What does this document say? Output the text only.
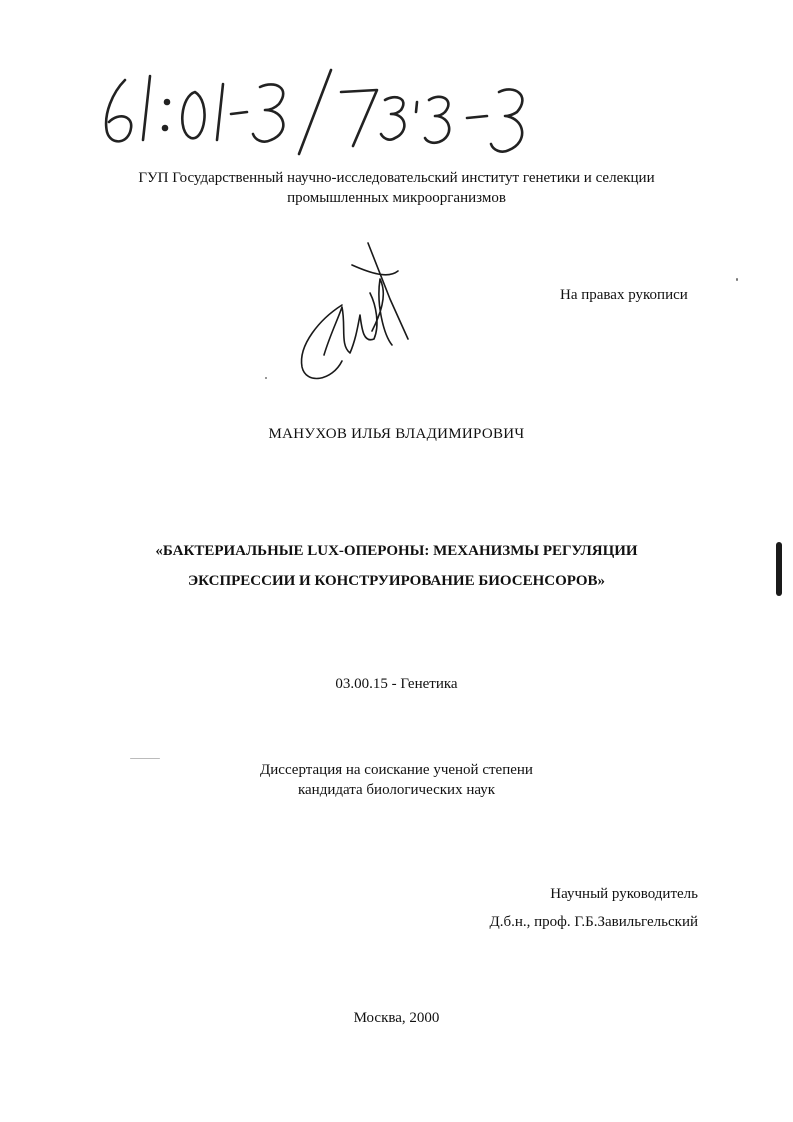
ГУП Государственный научно-исследовательский институт генетики и селекции
промышленных микроорганизмов
На правах рукописи
МАНУХОВ ИЛЬЯ ВЛАДИМИРОВИЧ
«БАКТЕРИАЛЬНЫЕ LUX-ОПЕРОНЫ: МЕХАНИЗМЫ РЕГУЛЯЦИИ
ЭКСПРЕССИИ И КОНСТРУИРОВАНИЕ БИОСЕНСОРОВ»
03.00.15 - Генетика
Диссертация на соискание ученой степени
кандидата биологических наук
Научный руководитель
Д.б.н., проф. Г.Б.Завильгельский
Москва, 2000
